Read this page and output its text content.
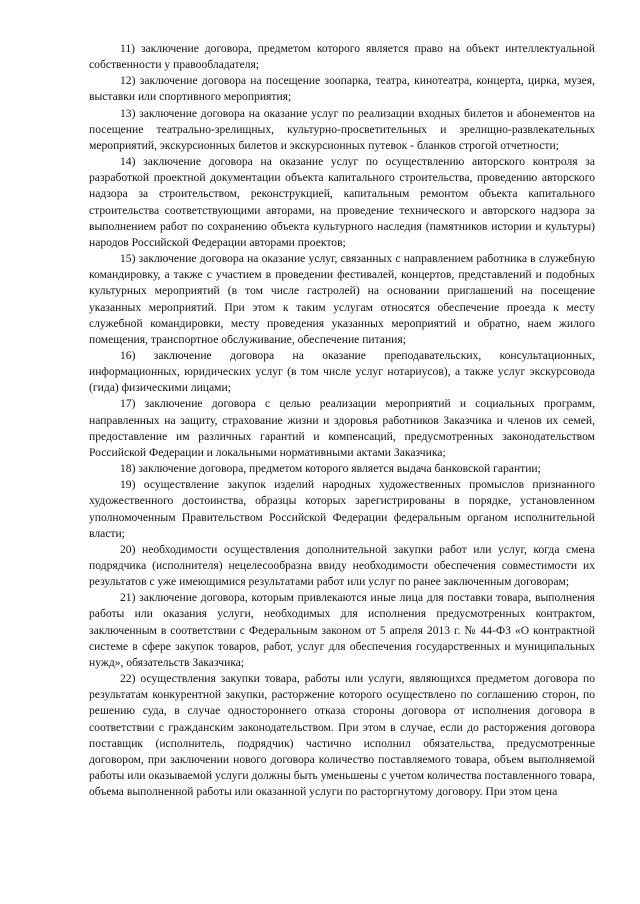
11) заключение договора, предметом которого является право на объект интеллектуальной собственности у правообладателя;

12) заключение договора на посещение зоопарка, театра, кинотеатра, концерта, цирка, музея, выставки или спортивного мероприятия;

13) заключение договора на оказание услуг по реализации входных билетов и абонементов на посещение театрально-зрелищных, культурно-просветительных и зрелищно-развлекательных мероприятий, экскурсионных билетов и экскурсионных путевок - бланков строгой отчетности;

14) заключение договора на оказание услуг по осуществлению авторского контроля за разработкой проектной документации объекта капитального строительства, проведению авторского надзора за строительством, реконструкцией, капитальным ремонтом объекта капитального строительства соответствующими авторами, на проведение технического и авторского надзора за выполнением работ по сохранению объекта культурного наследия (памятников истории и культуры) народов Российской Федерации авторами проектов;

15) заключение договора на оказание услуг, связанных с направлением работника в служебную командировку, а также с участием в проведении фестивалей, концертов, представлений и подобных культурных мероприятий (в том числе гастролей) на основании приглашений на посещение указанных мероприятий. При этом к таким услугам относятся обеспечение проезда к месту служебной командировки, месту проведения указанных мероприятий и обратно, наем жилого помещения, транспортное обслуживание, обеспечение питания;

16) заключение договора на оказание преподавательских, консультационных, информационных, юридических услуг (в том числе услуг нотариусов), а также услуг экскурсовода (гида) физическими лицами;

17) заключение договора с целью реализации мероприятий и социальных программ, направленных на защиту, страхование жизни и здоровья работников Заказчика и членов их семей, предоставление им различных гарантий и компенсаций, предусмотренных законодательством Российской Федерации и локальными нормативными актами Заказчика;

18) заключение договора, предметом которого является выдача банковской гарантии;

19) осуществление закупок изделий народных художественных промыслов признанного художественного достоинства, образцы которых зарегистрированы в порядке, установленном уполномоченным Правительством Российской Федерации федеральным органом исполнительной власти;

20) необходимости осуществления дополнительной закупки работ или услуг, когда смена подрядчика (исполнителя) нецелесообразна ввиду необходимости обеспечения совместимости их результатов с уже имеющимися результатами работ или услуг по ранее заключенным договорам;

21) заключение договора, которым привлекаются иные лица для поставки товара, выполнения работы или оказания услуги, необходимых для исполнения предусмотренных контрактом, заключенным в соответствии с Федеральным законом от 5 апреля 2013 г. № 44-ФЗ «О контрактной системе в сфере закупок товаров, работ, услуг для обеспечения государственных и муниципальных нужд», обязательств Заказчика;

22) осуществления закупки товара, работы или услуги, являющихся предметом договора по результатам конкурентной закупки, расторжение которого осуществлено по соглашению сторон, по решению суда, в случае одностороннего отказа стороны договора от исполнения договора в соответствии с гражданским законодательством. При этом в случае, если до расторжения договора поставщик (исполнитель, подрядчик) частично исполнил обязательства, предусмотренные договором, при заключении нового договора количество поставляемого товара, объем выполняемой работы или оказываемой услуги должны быть уменьшены с учетом количества поставленного товара, объема выполненной работы или оказанной услуги по расторгнутому договору. При этом цена
